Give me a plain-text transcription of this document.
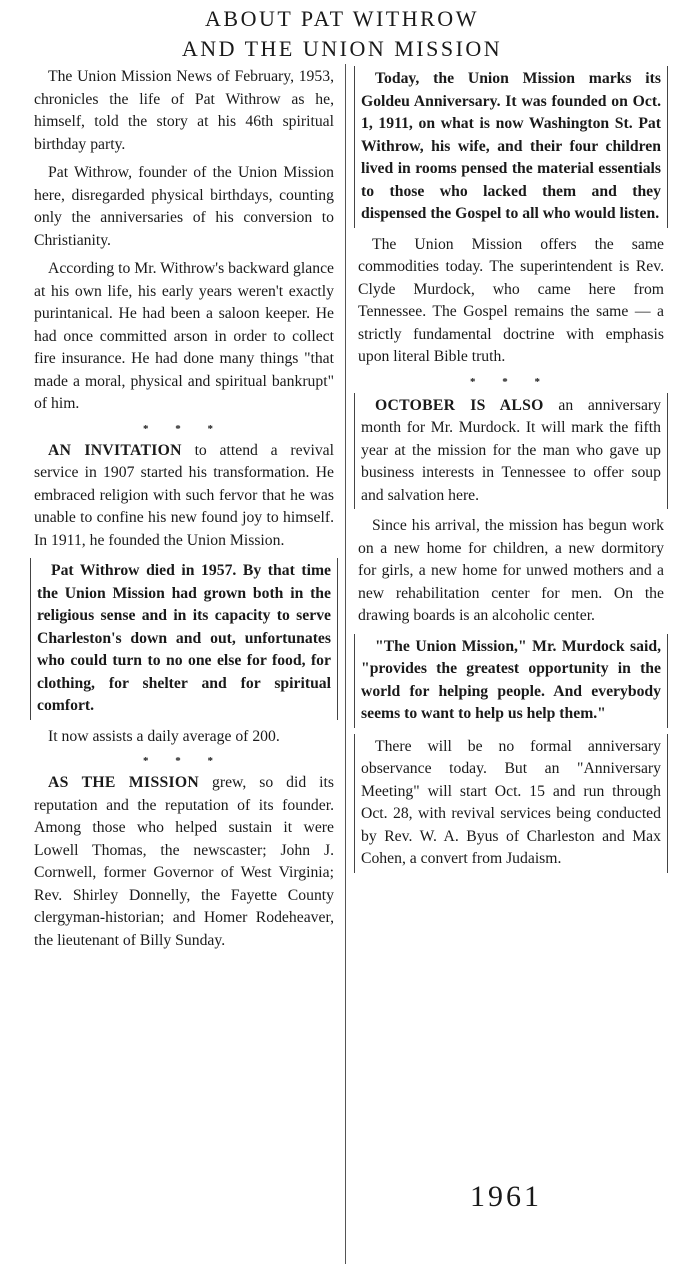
ABOUT PAT WITHROW
AND THE UNION MISSION

The Union Mission News of February, 1953, chronicles the life of Pat Withrow as he, himself, told the story at his 46th spiritual birthday party.

Pat Withrow, founder of the Union Mission here, disregarded physical birthdays, counting only the anniversaries of his conversion to Christianity.

According to Mr. Withrow's backward glance at his own life, his early years weren't exactly purintanical. He had been a saloon keeper. He had once committed arson in order to collect fire insurance. He had done many things "that made a moral, physical and spiritual bankrupt" of him.

* * *

AN INVITATION to attend a revival service in 1907 started his transformation. He embraced religion with such fervor that he was unable to confine his new found joy to himself. In 1911, he founded the Union Mission.

Pat Withrow died in 1957. By that time the Union Mission had grown both in the religious sense and in its capacity to serve Charleston's down and out, unfortunates who could turn to no one else for food, for clothing, for shelter and for spiritual comfort.

It now assists a daily average of 200.

* * *

AS THE MISSION grew, so did its reputation and the reputation of its founder. Among those who helped sustain it were Lowell Thomas, the newscaster; John J. Cornwell, former Governor of West Virginia; Rev. Shirley Donnelly, the Fayette County clergyman-historian; and Homer Rodeheaver, the lieutenant of Billy Sunday.

Today, the Union Mission marks its Goldeu Anniversary. It was founded on Oct. 1, 1911, on what is now Washington St. Pat Withrow, his wife, and their four children lived in rooms pensed the material essentials to those who lacked them and they dispensed the Gospel to all who would listen.

The Union Mission offers the same commodities today. The superintendent is Rev. Clyde Murdock, who came here from Tennessee. The Gospel remains the same — a strictly fundamental doctrine with emphasis upon literal Bible truth.

* * *

OCTOBER IS ALSO an anniversary month for Mr. Murdock. It will mark the fifth year at the mission for the man who gave up business interests in Tennessee to offer soup and salvation here.

Since his arrival, the mission has begun work on a new home for children, a new dormitory for girls, a new home for unwed mothers and a new rehabilitation center for men. On the drawing boards is an alcoholic center.

"The Union Mission," Mr. Murdock said, "provides the greatest opportunity in the world for helping people. And everybody seems to want to help us help them."

There will be no formal anniversary observance today. But an "Anniversary Meeting" will start Oct. 15 and run through Oct. 28, with revival services being conducted by Rev. W. A. Byus of Charleston and Max Cohen, a convert from Judaism.

1961
